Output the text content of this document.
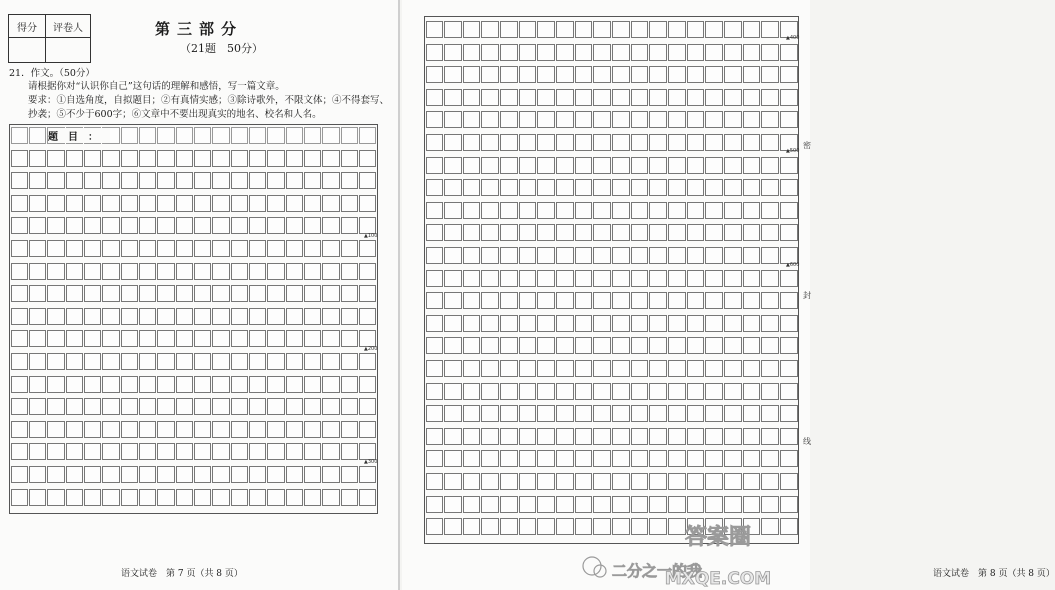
得分	评卷人
		第三部分
（21题　50分）
21．作文。（50分）
请根据你对“认识你自己”这句话的理解和感悟，写一篇文章。
要求：①自选角度，自拟题目；②有真情实感；③除诗歌外，不限文体；④不得套写、
抄袭；⑤不少于600字；⑥文章中不要出现真实的地名、校名和人名。
题目：
▲100
▲200
▲300
语文试卷　第 7 页（共 8 页）	语文试卷　第 8 页（共 8 页）
▲400
▲500
▲600
密
封
线
答案圈
二分之一的我
MXQE.COM
